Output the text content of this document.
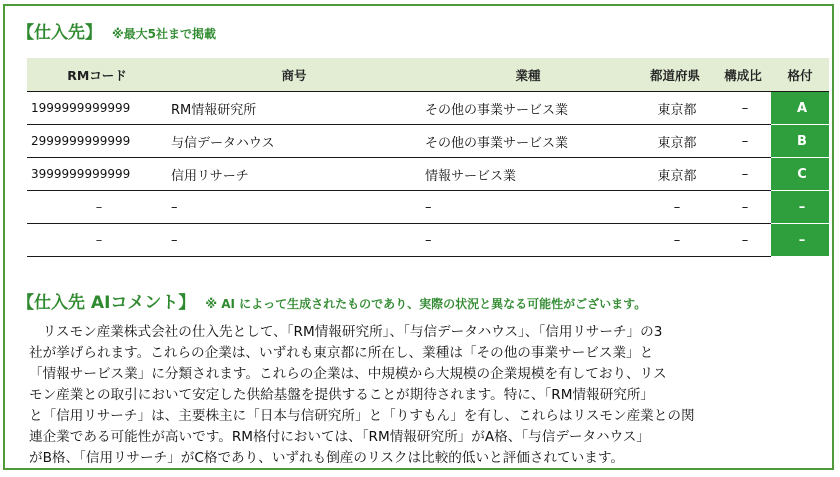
【仕入先】 ※最大5社まで掲載
RMコード	商号	業種	都道府県	構成比	格付
1999999999999	RM情報研究所	その他の事業サービス業	東京都	–	A
2999999999999	与信データハウス	その他の事業サービス業	東京都	–	B
3999999999999	信用リサーチ	情報サービス業	東京都	–	C
–	–	–	–	–	–
–	–	–	–	–	–
【仕入先 AIコメント】 ※ AI によって生成されたものであり、実際の状況と異なる可能性がございます。
　リスモン産業株式会社の仕入先として、「RM情報研究所」、「与信データハウス」、「信用リサーチ」の3
社が挙げられます。これらの企業は、いずれも東京都に所在し、業種は「その他の事業サービス業」と
「情報サービス業」に分類されます。これらの企業は、中規模から大規模の企業規模を有しており、リス
モン産業との取引において安定した供給基盤を提供することが期待されます。特に、「RM情報研究所」
と「信用リサーチ」は、主要株主に「日本与信研究所」と「りすもん」を有し、これらはリスモン産業との関
連企業である可能性が高いです。RM格付においては、「RM情報研究所」がA格、「与信データハウス」
がB格、「信用リサーチ」がC格であり、いずれも倒産のリスクは比較的低いと評価されています。
